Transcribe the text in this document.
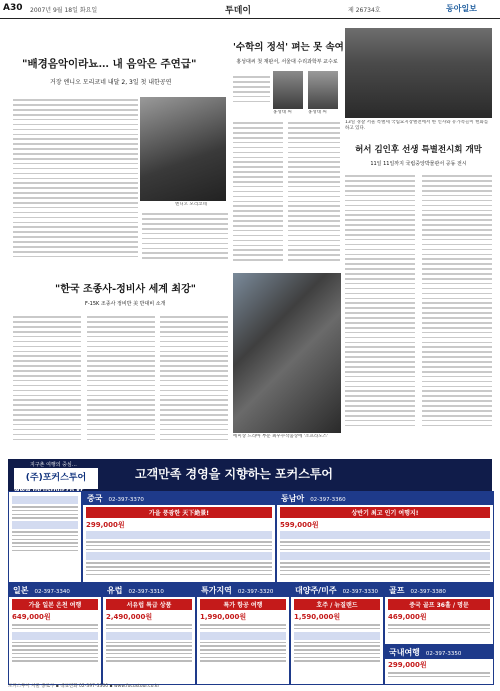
A30 2007년 9월 18일 화요일	투데이	제 26734호	동아일보
"배경음악이라뇨… 내 음악은 주연급"
거장 엔니오 모리코네 내달 2, 3일 첫 내한공연
엔니오 모리코네
'수학의 정석' 펴는 못 속여
홍성대씨 첫 재판서, 서울대 수리과학부 교수로
홍성대 씨	홍성대 씨
13일 경찰 서울 특별세 국립묘지장별전에서 한 인사와 유가족들이 헌화를 하고 있다.
허서 김인후 선생 특별전시회 개막
11일 11일까지 국립중앙박물관서 공동 전시
"한국 조종사-정비사 세계 최강"
F-15K 조종사 정비반 美 반대비 소개
에미상 드라마 부문 최우수작품상에 '소프라노스'
지구촌 여행의 중심…
(주)포커스투어	고객만족 경영을 지향하는 포커스투어
중국 02-397-3370
가을 풍광한 天下絶景!
299,000원
동남아 02-397-3360
상반기 최고 인기 여행지!
599,000원
일본 02-397-3340
가을 일본 온천 여행
649,000원
유럽 02-397-3310
서유럽 특급 상품
2,490,000원
특가지역 02-397-3320
특가 항공 여행
1,990,000원
대양주/미주 02-397-3330
호주 / 뉴질랜드
1,590,000원
골프 02-397-3380
중국 골프 36홀 / 명문
469,000원
국내여행 02-397-3350
299,000원
포커스투어 서울 종로구 ▪ 대표전화 02-397-3300 ▪ www.focustour.co.kr
